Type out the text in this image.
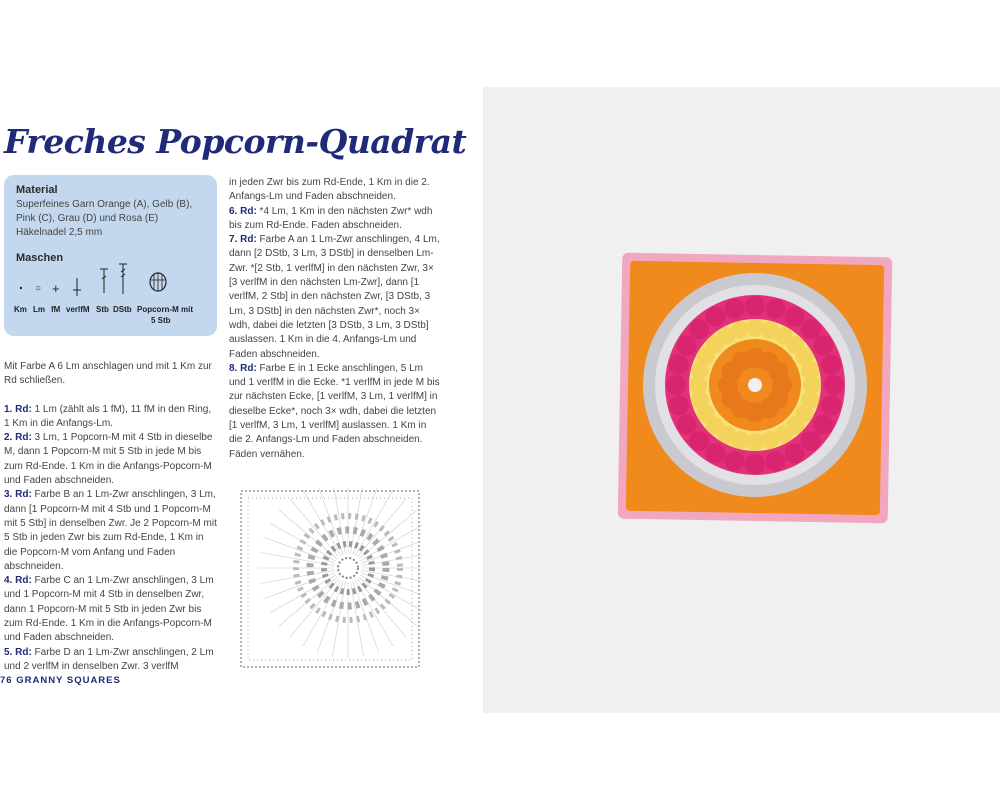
Freches Popcorn-Quadrat
Material
Superfeines Garn Orange (A), Gelb (B),
Pink (C), Grau (D) und Rosa (E)
Häkelnadel 2,5 mm
Maschen
. ○ +
Km Lm fM verlfM Stb DStb Popcorn-M mit
5 Stb

Mit Farbe A 6 Lm anschlagen und mit 1 Km zur Rd schließen.

1. Rd: 1 Lm (zählt als 1 fM), 11 fM in den Ring, 1 Km in die Anfangs-Lm.

2. Rd: 3 Lm, 1 Popcorn-M mit 4 Stb in dieselbe M, dann 1 Popcorn-M mit 5 Stb in jede M bis zum Rd-Ende. 1 Km in die Anfangs-Popcorn-M und Faden abschneiden.

3. Rd: Farbe B an 1 Lm-Zwr anschlingen, 3 Lm, dann [1 Popcorn-M mit 4 Stb und 1 Popcorn-M mit 5 Stb] in denselben Zwr. Je 2 Popcorn-M mit 5 Stb in jeden Zwr bis zum Rd-Ende, 1 Km in die Popcorn-M vom Anfang und Faden abschneiden.

4. Rd: Farbe C an 1 Lm-Zwr anschlingen, 3 Lm und 1 Popcorn-M mit 4 Stb in denselben Zwr, dann 1 Popcorn-M mit 5 Stb in jeden Zwr bis zum Rd-Ende. 1 Km in die Anfangs-Popcorn-M und Faden abschneiden.

5. Rd: Farbe D an 1 Lm-Zwr anschlingen, 2 Lm und 2 verlfM in denselben Zwr. 3 verlfM

in jeden Zwr bis zum Rd-Ende, 1 Km in die 2. Anfangs-Lm und Faden abschneiden.

6. Rd: *4 Lm, 1 Km in den nächsten Zwr* wdh bis zum Rd-Ende. Faden abschneiden.

7. Rd: Farbe A an 1 Lm-Zwr anschlingen, 4 Lm, dann [2 DStb, 3 Lm, 3 DStb] in denselben Lm-Zwr. *[2 Stb, 1 verlfM] in den nächsten Zwr, 3× [3 verlfM in den nächsten Lm-Zwr], dann [1 verlfM, 2 Stb] in den nächsten Zwr, [3 DStb, 3 Lm, 3 DStb] in den nächsten Zwr*, noch 3× wdh, dabei die letzten [3 DStb, 3 Lm, 3 DStb] auslassen. 1 Km in die 4. Anfangs-Lm und Faden abschneiden.

8. Rd: Farbe E in 1 Ecke anschlingen, 5 Lm und 1 verlfM in die Ecke. *1 verlfM in jede M bis zur nächsten Ecke, [1 verlfM, 3 Lm, 1 verlfM] in dieselbe Ecke*, noch 3× wdh, dabei die letzten [1 verlfM, 3 Lm, 1 verlfM] auslassen. 1 Km in die 2. Anfangs-Lm und Faden abschneiden. Fäden vernähen.

76 GRANNY SQUARES
